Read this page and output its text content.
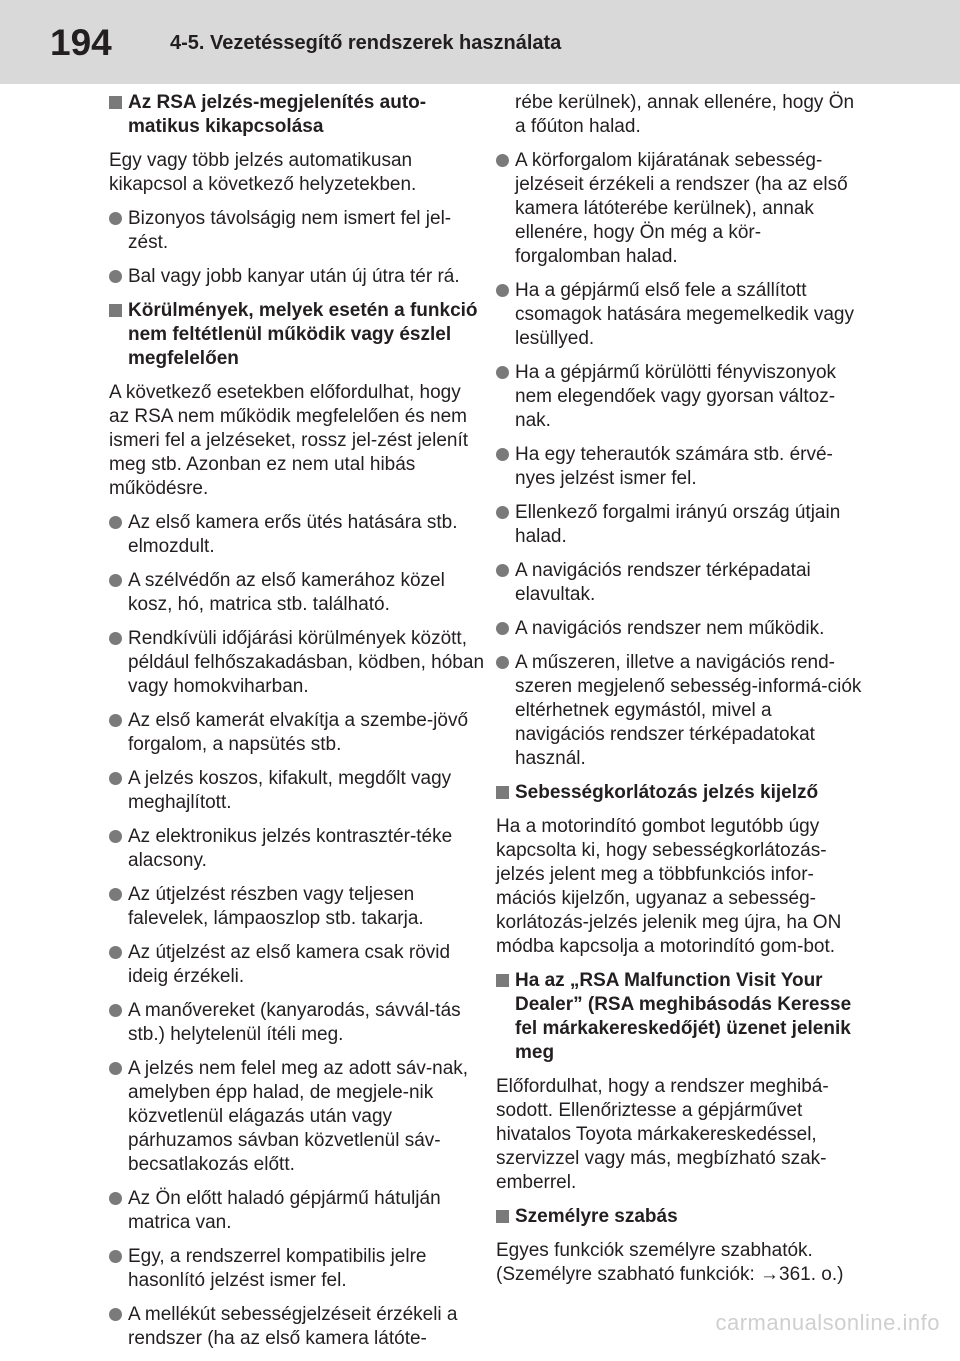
194	4-5. Vezetéssegítő rendszerek használata
Az RSA jelzés-megjelenítés auto-matikus kikapcsolása
Egy vagy több jelzés automatikusan kikapcsol a következő helyzetekben.
Bizonyos távolságig nem ismert fel jel-zést.
Bal vagy jobb kanyar után új útra tér rá.
Körülmények, melyek esetén a funkció nem feltétlenül működik vagy észlel megfelelően
A következő esetekben előfordulhat, hogy az RSA nem működik megfelelően és nem ismeri fel a jelzéseket, rossz jel-zést jelenít meg stb. Azonban ez nem utal hibás működésre.
Az első kamera erős ütés hatására stb. elmozdult.
A szélvédőn az első kamerához közel kosz, hó, matrica stb. található.
Rendkívüli időjárási körülmények között, például felhőszakadásban, ködben, hóban vagy homokviharban.
Az első kamerát elvakítja a szembe-jövő forgalom, a napsütés stb.
A jelzés koszos, kifakult, megdőlt vagy meghajlított.
Az elektronikus jelzés kontrasztér-téke alacsony.
Az útjelzést részben vagy teljesen falevelek, lámpaoszlop stb. takarja.
Az útjelzést az első kamera csak rövid ideig érzékeli.
A manővereket (kanyarodás, sávvál-tás stb.) helytelenül ítéli meg.
A jelzés nem felel meg az adott sáv-nak, amelyben épp halad, de megjele-nik közvetlenül elágazás után vagy párhuzamos sávban közvetlenül sáv-becsatlakozás előtt.
Az Ön előtt haladó gépjármű hátulján matrica van.
Egy, a rendszerrel kompatibilis jelre hasonlító jelzést ismer fel.
A mellékút sebességjelzéseit érzékeli a rendszer (ha az első kamera látóte-
rébe kerülnek), annak ellenére, hogy Ön a főúton halad.
A körforgalom kijáratának sebesség-jelzéseit érzékeli a rendszer (ha az első kamera látóterébe kerülnek), annak ellenére, hogy Ön még a kör-forgalomban halad.
Ha a gépjármű első fele a szállított csomagok hatására megemelkedik vagy lesüllyed.
Ha a gépjármű körülötti fényviszonyok nem elegendőek vagy gyorsan változ-nak.
Ha egy teherautók számára stb. érvé-nyes jelzést ismer fel.
Ellenkező forgalmi irányú ország útjain halad.
A navigációs rendszer térképadatai elavultak.
A navigációs rendszer nem működik.
A műszeren, illetve a navigációs rend-szeren megjelenő sebesség-informá-ciók eltérhetnek egymástól, mivel a navigációs rendszer térképadatokat használ.
Sebességkorlátozás jelzés kijelző
Ha a motorindító gombot legutóbb úgy kapcsolta ki, hogy sebességkorlátozás-jelzés jelent meg a többfunkciós infor-mációs kijelzőn, ugyanaz a sebesség-korlátozás-jelzés jelenik meg újra, ha ON módba kapcsolja a motorindító gom-bot.
Ha az „RSA Malfunction Visit Your Dealer” (RSA meghibásodás Keresse fel márkakereskedőjét) üzenet jelenik meg
Előfordulhat, hogy a rendszer meghibá-sodott. Ellenőriztesse a gépjárművet hivatalos Toyota márkakereskedéssel, szervizzel vagy más, megbízható szak-emberrel.
Személyre szabás
Egyes funkciók személyre szabhatók. (Személyre szabható funkciók: →361. o.)
carmanualsonline.info
